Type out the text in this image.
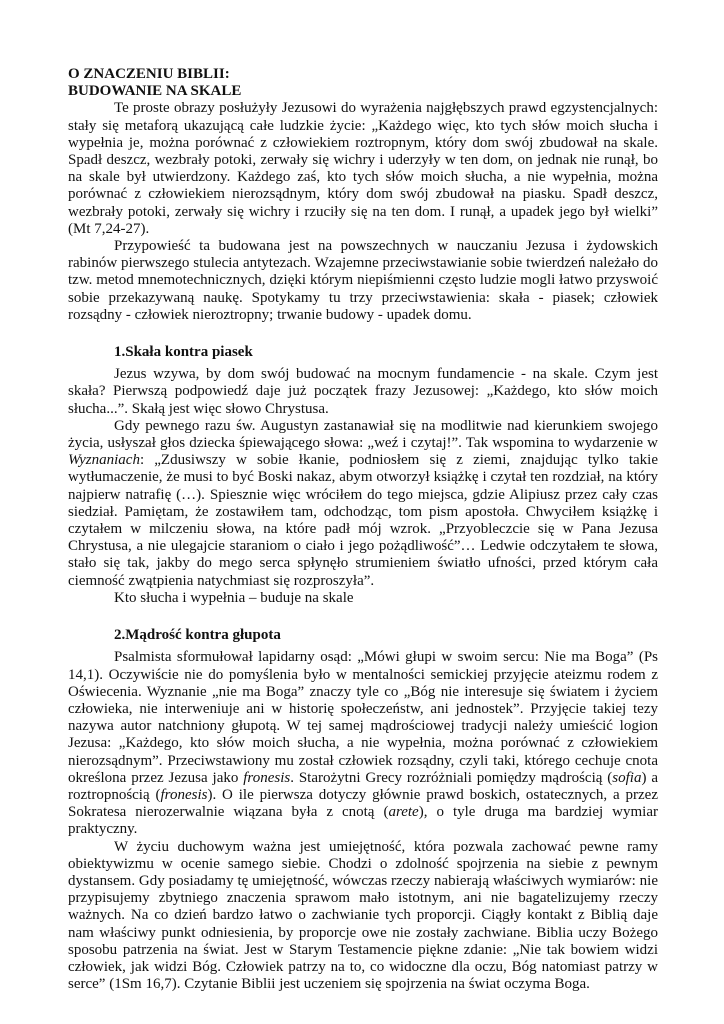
O ZNACZENIU BIBLII:

BUDOWANIE NA SKALE

Te proste obrazy posłużyły Jezusowi do wyrażenia najgłębszych prawd egzystencjalnych: stały się metaforą ukazującą całe ludzkie życie: „Każdego więc, kto tych słów moich słucha i wypełnia je, można porównać z człowiekiem roztropnym, który dom swój zbudował na skale. Spadł deszcz, wezbrały potoki, zerwały się wichry i uderzyły w ten dom, on jednak nie runął, bo na skale był utwierdzony. Każdego zaś, kto tych słów moich słucha, a nie wypełnia, można porównać z człowiekiem nierozsądnym, który dom swój zbudował na piasku. Spadł deszcz, wezbrały potoki, zerwały się wichry i rzuciły się na ten dom. I runął, a upadek jego był wielki” (Mt 7,24-27).

Przypowieść ta budowana jest na powszechnych w nauczaniu Jezusa i żydowskich rabinów pierwszego stulecia antytezach. Wzajemne przeciwstawianie sobie twierdzeń należało do tzw. metod mnemotechnicznych, dzięki którym niepiśmienni często ludzie mogli łatwo przyswoić sobie przekazywaną naukę. Spotykamy tu trzy przeciwstawienia: skała - piasek; człowiek rozsądny - człowiek nieroztropny; trwanie budowy - upadek domu.

1.Skała kontra piasek

Jezus wzywa, by dom swój budować na mocnym fundamencie - na skale. Czym jest skała? Pierwszą podpowiedź daje już początek frazy Jezusowej: „Każdego, kto słów moich słucha...”. Skałą jest więc słowo Chrystusa.

Gdy pewnego razu św. Augustyn zastanawiał się na modlitwie nad kierunkiem swojego życia, usłyszał głos dziecka śpiewającego słowa: „weź i czytaj!”. Tak wspomina to wydarzenie w Wyznaniach: „Zdusiwszy w sobie łkanie, podniosłem się z ziemi, znajdując tylko takie wytłumaczenie, że musi to być Boski nakaz, abym otworzył książkę i czytał ten rozdział, na który najpierw natrafię (…). Spiesznie więc wróciłem do tego miejsca, gdzie Alipiusz przez cały czas siedział. Pamiętam, że zostawiłem tam, odchodząc, tom pism apostoła. Chwyciłem książkę i czytałem w milczeniu słowa, na które padł mój wzrok. „Przyobleczcie się w Pana Jezusa Chrystusa, a nie ulegajcie staraniom o ciało i jego pożądliwość”… Ledwie odczytałem te słowa, stało się tak, jakby do mego serca spłynęło strumieniem światło ufności, przed którym cała ciemność zwątpienia natychmiast się rozproszyła”.

Kto słucha i wypełnia – buduje na skale

2.Mądrość kontra głupota

Psalmista sformułował lapidarny osąd: „Mówi głupi w swoim sercu: Nie ma Boga” (Ps 14,1). Oczywiście nie do pomyślenia było w mentalności semickiej przyjęcie ateizmu rodem z Oświecenia. Wyznanie „nie ma Boga” znaczy tyle co „Bóg nie interesuje się światem i życiem człowieka, nie interweniuje ani w historię społeczeństw, ani jednostek”. Przyjęcie takiej tezy nazywa autor natchniony głupotą. W tej samej mądrościowej tradycji należy umieścić logion Jezusa: „Każdego, kto słów moich słucha, a nie wypełnia, można porównać z człowiekiem nierozsądnym”. Przeciwstawiony mu został człowiek rozsądny, czyli taki, którego cechuje cnota określona przez Jezusa jako fronesis. Starożytni Grecy rozróżniali pomiędzy mądrością (sofia) a roztropnością (fronesis). O ile pierwsza dotyczy głównie prawd boskich, ostatecznych, a przez Sokratesa nierozerwalnie wiązana była z cnotą (arete), o tyle druga ma bardziej wymiar praktyczny.

W życiu duchowym ważna jest umiejętność, która pozwala zachować pewne ramy obiektywizmu w ocenie samego siebie. Chodzi o zdolność spojrzenia na siebie z pewnym dystansem. Gdy posiadamy tę umiejętność, wówczas rzeczy nabierają właściwych wymiarów: nie przypisujemy zbytniego znaczenia sprawom mało istotnym, ani nie bagatelizujemy rzeczy ważnych. Na co dzień bardzo łatwo o zachwianie tych proporcji. Ciągły kontakt z Biblią daje nam właściwy punkt odniesienia, by proporcje owe nie zostały zachwiane. Biblia uczy Bożego sposobu patrzenia na świat. Jest w Starym Testamencie piękne zdanie: „Nie tak bowiem widzi człowiek, jak widzi Bóg. Człowiek patrzy na to, co widoczne dla oczu, Bóg natomiast patrzy w serce” (1Sm 16,7). Czytanie Biblii jest uczeniem się spojrzenia na świat oczyma Boga.
